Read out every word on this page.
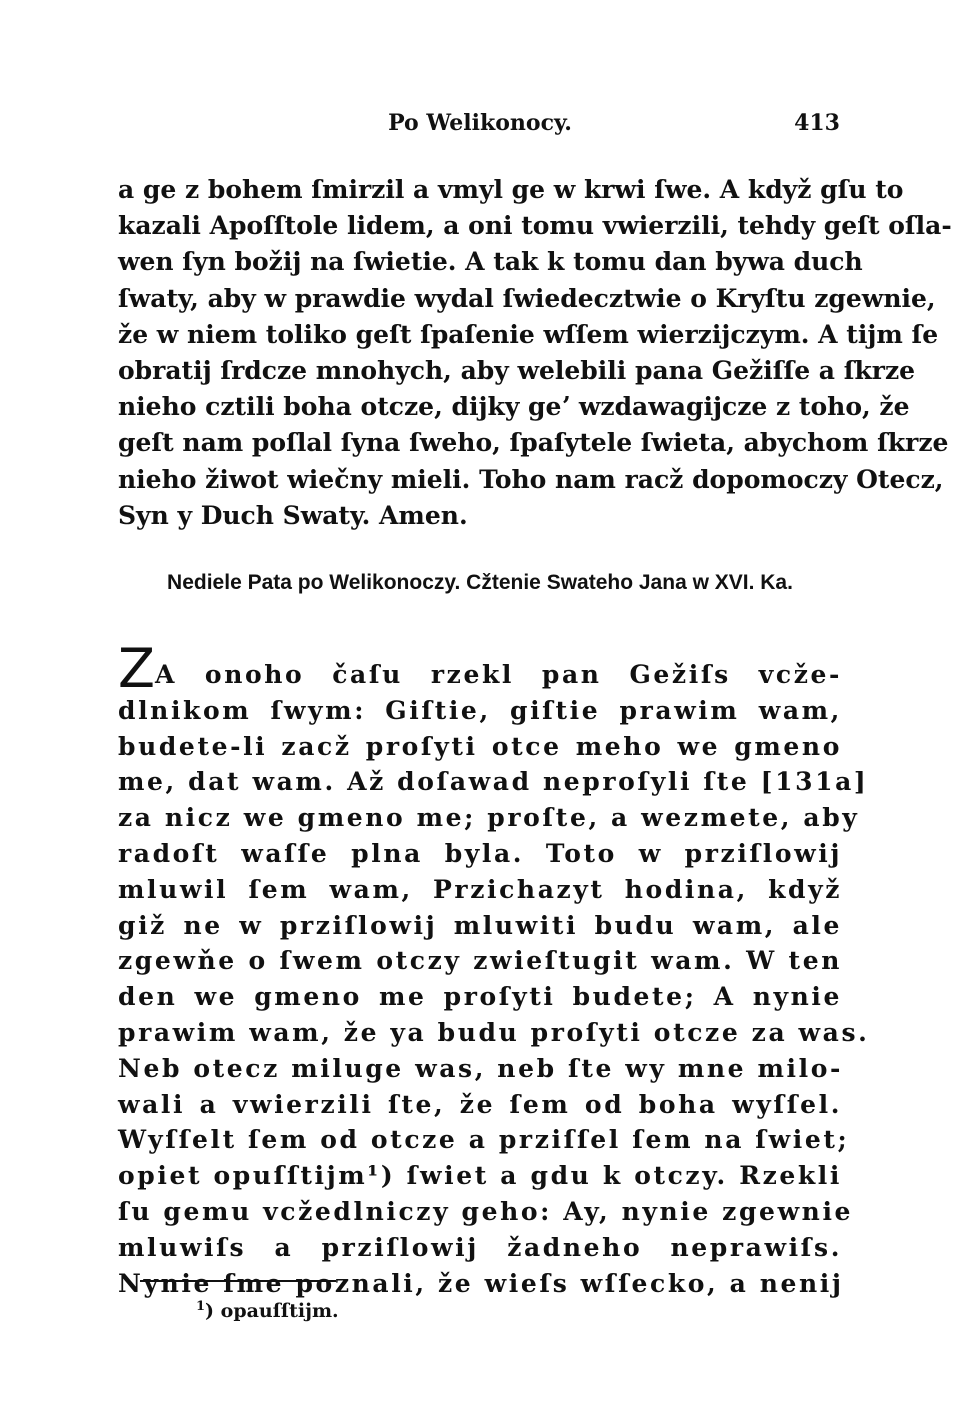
Po Welikonocy.	413
a ge z bohem ſmirzil a vmyl ge w krwi ſwe. A když gſu to
kazali Apoſſtole lidem, a oni tomu vwierzili, tehdy geſt oſla-
wen ſyn božij na ſwietie. A tak k tomu dan bywa duch
ſwaty, aby w prawdie wydal ſwiedecztwie o Kryſtu zgewnie,
že w niem toliko geſt ſpaſenie wſſem wierzijczym. A tijm ſe
obratij ſrdcze mnohych, aby welebili pana Gežiſſe a ſkrze
nieho cztili boha otcze, dijky geʼ wzdawagijcze z toho, že
geſt nam poſlal ſyna ſweho, ſpaſytele ſwieta, abychom ſkrze
nieho žiwot wiečny mieli. Toho nam racž dopomoczy Otecz,
Syn y Duch Swaty. Amen.
Nediele Pata po Welikonoczy. Cžtenie Swateho Jana w XVI. Ka.
ZA onoho čaſu rzekl pan Gežiſs vcže-
dlnikom ſwym: Giſtie, giſtie prawim wam,
budete-li zacž proſyti otce meho we gmeno
me, dat wam. Až doſawad neproſyli ſte [131a]
za nicz we gmeno me; proſte, a wezmete, aby
radoſt waſſe plna byla. Toto w prziſlowij
mluwil ſem wam, Przichazyt hodina, když
giž ne w prziſlowij mluwiti budu wam, ale
zgewňe o ſwem otczy zwieſtugit wam. W ten
den we gmeno me proſyti budete; A nynie
prawim wam, že ya budu proſyti otcze za was.
Neb otecz miluge was, neb ſte wy mne milo-
wali a vwierzili ſte, že ſem od boha wyſſel.
Wyſſelt ſem od otcze a prziſſel ſem na ſwiet;
opiet opuſſtijm¹) ſwiet a gdu k otczy. Rzekli
ſu gemu vcžedlniczy geho: Ay, nynie zgewnie
mluwiſs a prziſlowij žadneho neprawiſs.
Nynie ſme poznali, že wieſs wſſecko, a nenij
$^1$) opauſſtijm.
